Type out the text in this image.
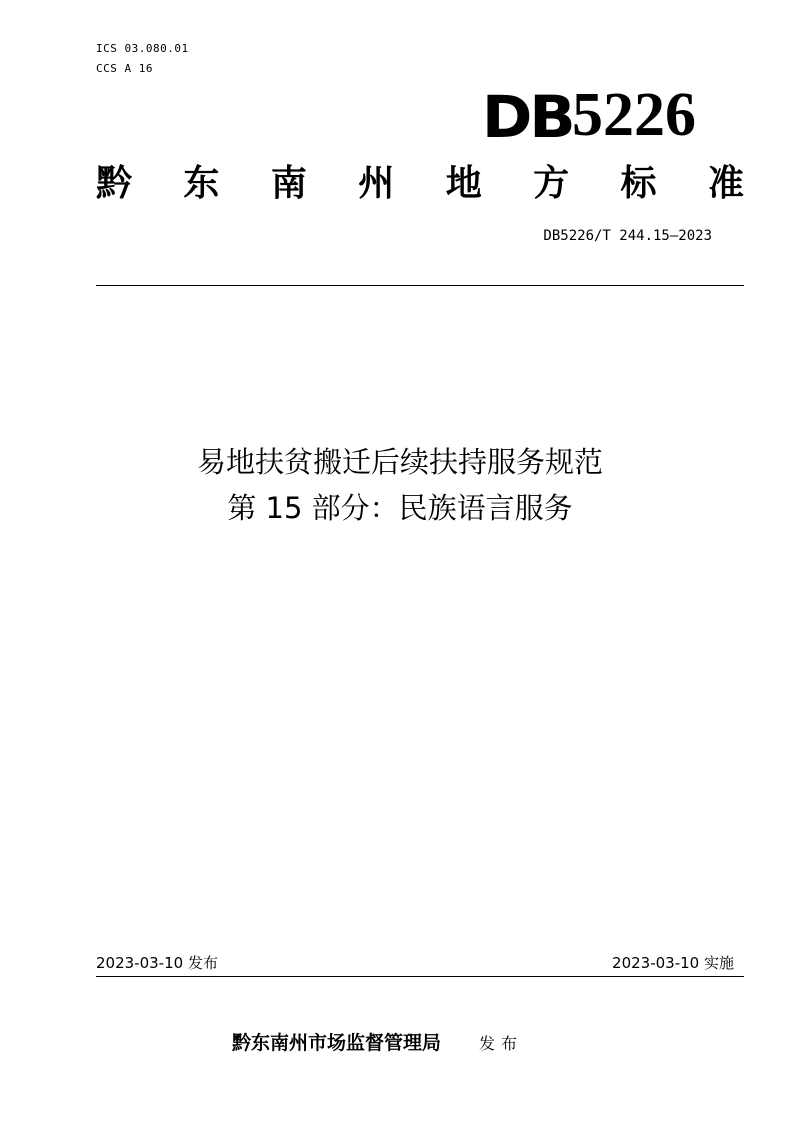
ICS 03.080.01
CCS A 16
DB 5226
黔 东 南 州 地 方 标 准
DB5226/T 244.15—2023
易地扶贫搬迁后续扶持服务规范
第 15 部分：民族语言服务
2023-03-10 发布	2023-03-10 实施
黔东南州市场监督管理局 发布
